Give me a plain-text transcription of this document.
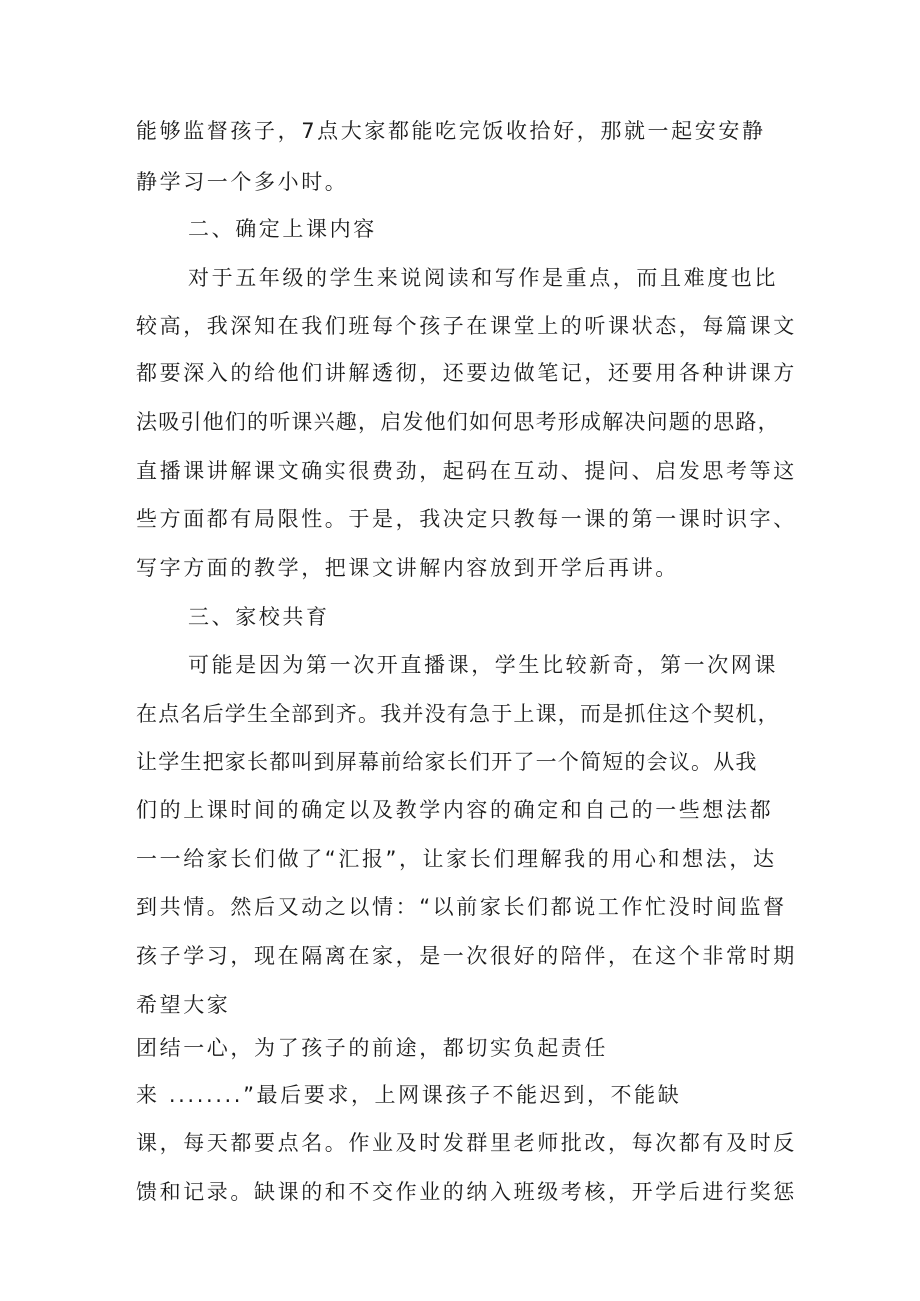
能够监督孩子，7点大家都能吃完饭收拾好，那就一起安安静
静学习一个多小时。
二、确定上课内容
对于五年级的学生来说阅读和写作是重点，而且难度也比
较高，我深知在我们班每个孩子在课堂上的听课状态，每篇课文
都要深入的给他们讲解透彻，还要边做笔记，还要用各种讲课方
法吸引他们的听课兴趣，启发他们如何思考形成解决问题的思路，
直播课讲解课文确实很费劲，起码在互动、提问、启发思考等这
些方面都有局限性。于是，我决定只教每一课的第一课时识字、
写字方面的教学，把课文讲解内容放到开学后再讲。
三、家校共育
可能是因为第一次开直播课，学生比较新奇，第一次网课
在点名后学生全部到齐。我并没有急于上课，而是抓住这个契机，
让学生把家长都叫到屏幕前给家长们开了一个简短的会议。从我
们的上课时间的确定以及教学内容的确定和自己的一些想法都
一一给家长们做了“汇报”，让家长们理解我的用心和想法，达
到共情。然后又动之以情：“以前家长们都说工作忙没时间监督
孩子学习，现在隔离在家，是一次很好的陪伴，在这个非常时期
希望大家
团结一心，为了孩子的前途，都切实负起责任
来 ........”最后要求，上网课孩子不能迟到，不能缺
课，每天都要点名。作业及时发群里老师批改，每次都有及时反
馈和记录。缺课的和不交作业的纳入班级考核，开学后进行奖惩
